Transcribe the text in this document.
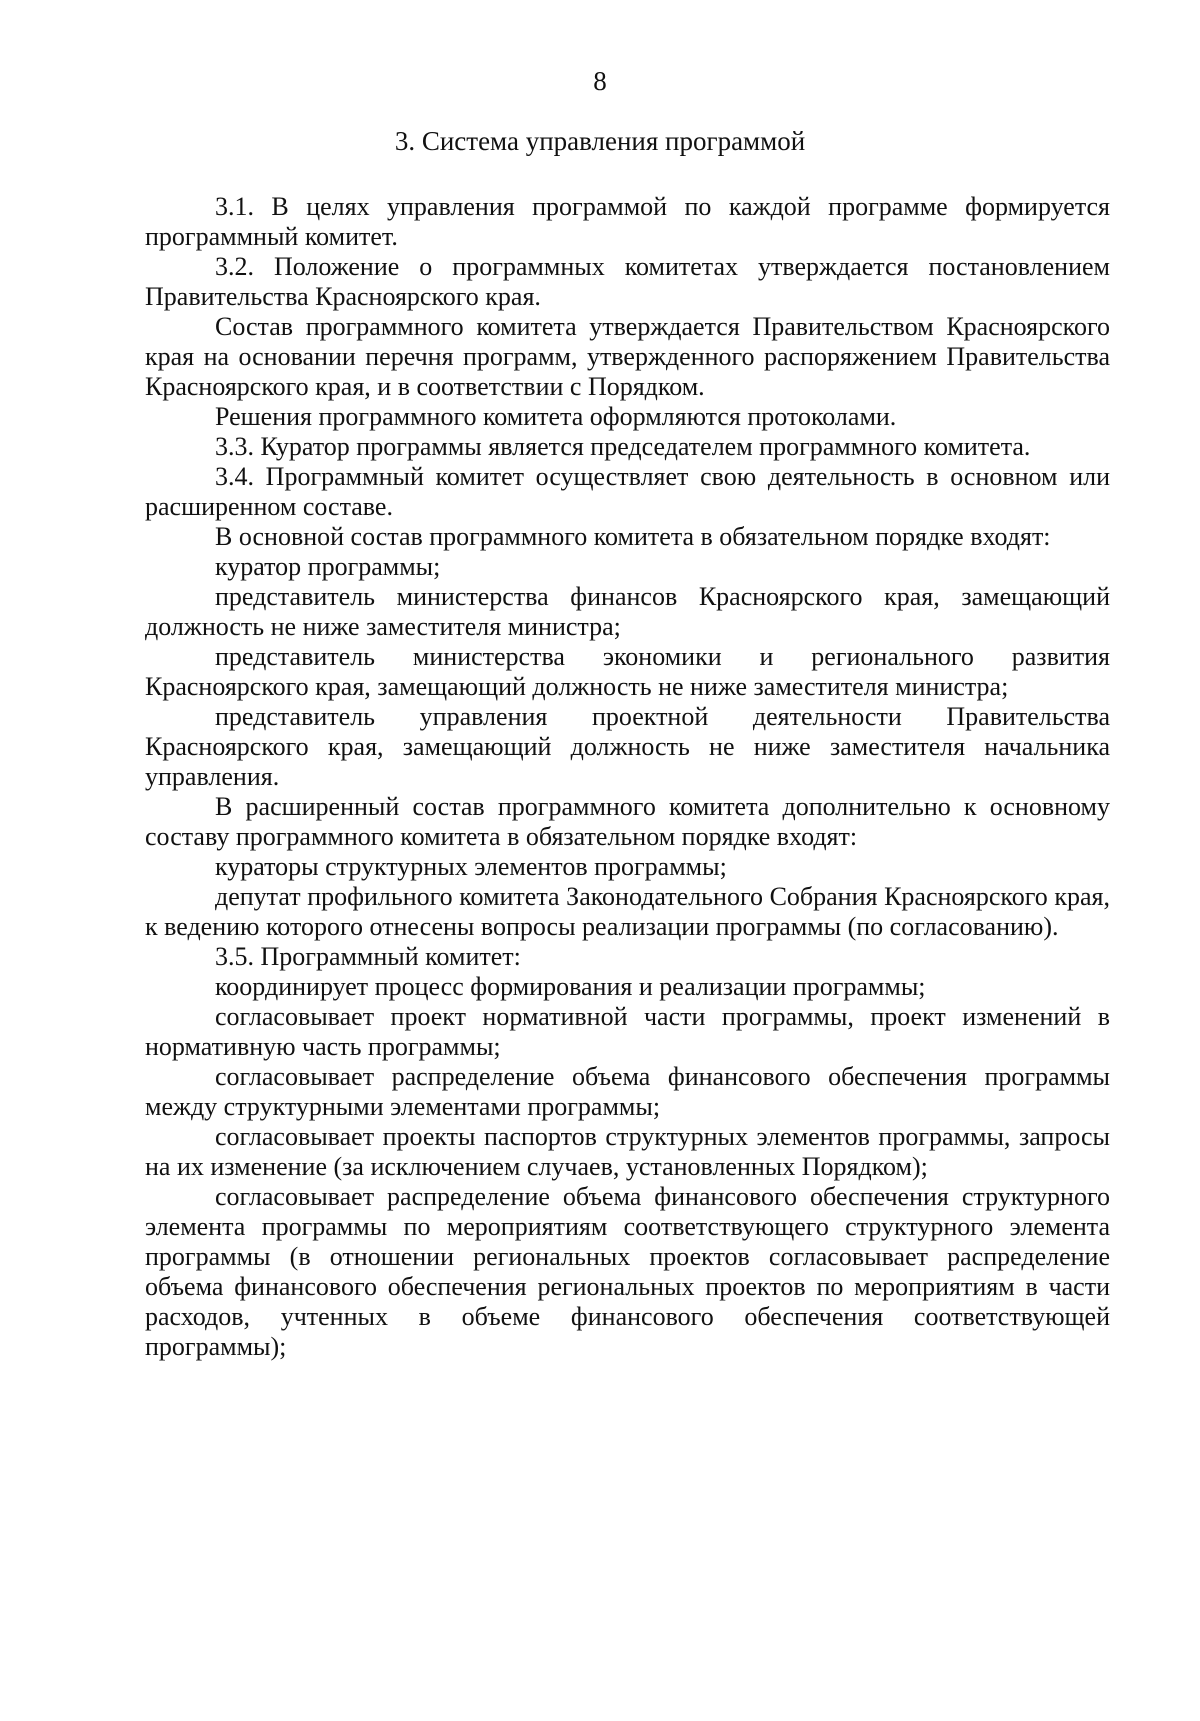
8
3. Система управления программой

3.1. В целях управления программой по каждой программе формируется программный комитет.

3.2. Положение о программных комитетах утверждается постановлением Правительства Красноярского края.

Состав программного комитета утверждается Правительством Красноярского края на основании перечня программ, утвержденного распоряжением Правительства Красноярского края, и в соответствии с Порядком.

Решения программного комитета оформляются протоколами.

3.3. Куратор программы является председателем программного комитета.

3.4. Программный комитет осуществляет свою деятельность в основном или расширенном составе.

В основной состав программного комитета в обязательном порядке входят:

куратор программы;

представитель министерства финансов Красноярского края, замещающий должность не ниже заместителя министра;

представитель министерства экономики и регионального развития Красноярского края, замещающий должность не ниже заместителя министра;

представитель управления проектной деятельности Правительства Красноярского края, замещающий должность не ниже заместителя начальника управления.

В расширенный состав программного комитета дополнительно к основному составу программного комитета в обязательном порядке входят:

кураторы структурных элементов программы;

депутат профильного комитета Законодательного Собрания Красноярского края, к ведению которого отнесены вопросы реализации программы (по согласованию).

3.5. Программный комитет:

координирует процесс формирования и реализации программы;

согласовывает проект нормативной части программы, проект изменений в нормативную часть программы;

согласовывает распределение объема финансового обеспечения программы между структурными элементами программы;

согласовывает проекты паспортов структурных элементов программы, запросы на их изменение (за исключением случаев, установленных Порядком);

согласовывает распределение объема финансового обеспечения структурного элемента программы по мероприятиям соответствующего структурного элемента программы (в отношении региональных проектов согласовывает распределение объема финансового обеспечения региональных проектов по мероприятиям в части расходов, учтенных в объеме финансового обеспечения соответствующей программы);
